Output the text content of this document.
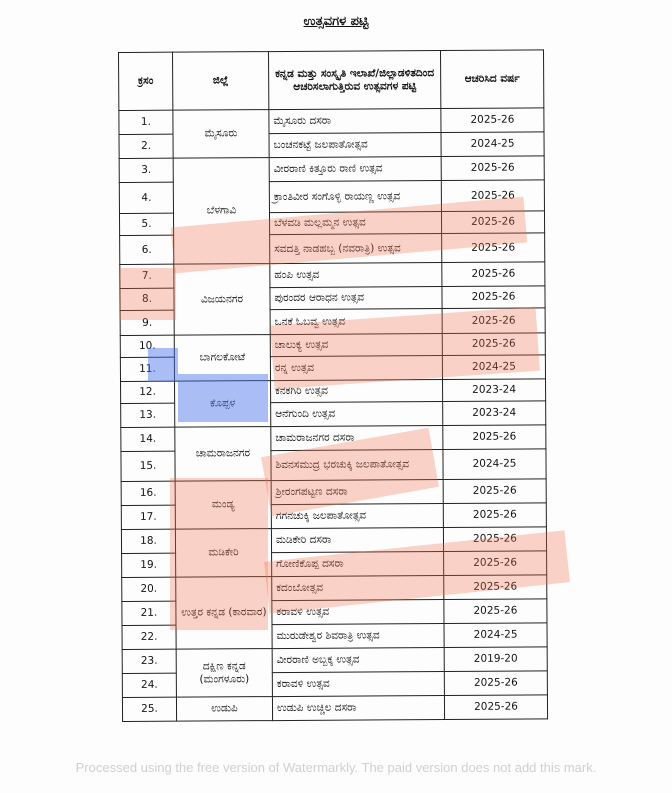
ಉತ್ಸವಗಳ ಪಟ್ಟಿ
ಕ್ರಸಂ	ಜಿಲ್ಲೆ	ಕನ್ನಡ ಮತ್ತು ಸಂಸ್ಕೃತಿ ಇಲಾಖೆ/ಜಿಲ್ಲಾಡಳಿತದಿಂದ ಆಚರಿಸಲಾಗುತ್ತಿರುವ ಉತ್ಸವಗಳ ಪಟ್ಟಿ	ಆಚರಿಸಿದ ವರ್ಷ
1.	ಮೈಸೂರು	ಮೈಸೂರು ದಸರಾ	2025-26
2.		ಬಂಚನಕಟ್ಟೆ ಜಲಪಾತೋತ್ಸವ	2024-25
3.	ಬೆಳಗಾವಿ	ವೀರರಾಣಿ ಕಿತ್ತೂರು ರಾಣಿ ಉತ್ಸವ	2025-26
4.		ಕ್ರಾಂತಿವೀರ ಸಂಗೊಳ್ಳಿ ರಾಯಣ್ಣ ಉತ್ಸವ	2025-26
5.		ಬೆಳವಡಿ ಮಲ್ಲಮ್ಮನ ಉತ್ಸವ	2025-26
6.		ಸವದತ್ತಿ ನಾಡಹಬ್ಬ (ನವರಾತ್ರಿ) ಉತ್ಸವ	2025-26
7.	ವಿಜಯನಗರ	ಹಂಪಿ ಉತ್ಸವ	2025-26
8.		ಪುರಂದರ ಆರಾಧನ ಉತ್ಸವ	2025-26
9.		ಒನಕೆ ಓಬವ್ವ ಉತ್ಸವ	2025-26
10.	ಬಾಗಲಕೋಟೆ	ಚಾಲುಕ್ಯ ಉತ್ಸವ	2025-26
11.		ರನ್ನ ಉತ್ಸವ	2024-25
12.	ಕೊಪ್ಪಳ	ಕನಕಗಿರಿ ಉತ್ಸವ	2023-24
13.		ಆನೆಗುಂದಿ ಉತ್ಸವ	2023-24
14.	ಚಾಮರಾಜನಗರ	ಚಾಮರಾಜನಗರ ದಸರಾ	2025-26
15.		ಶಿವನಸಮುದ್ರ ಭರಚುಕ್ಕಿ ಜಲಪಾತೋತ್ಸವ	2024-25
16.	ಮಂಡ್ಯ	ಶ್ರೀರಂಗಪಟ್ಟಣ ದಸರಾ	2025-26
17.		ಗಗನಚುಕ್ಕಿ ಜಲಪಾತೋತ್ಸವ	2025-26
18.	ಮಡಿಕೇರಿ	ಮಡಿಕೇರಿ ದಸರಾ	2025-26
19.		ಗೋಣಿಕೊಪ್ಪ ದಸರಾ	2025-26
20.	ಉತ್ತರ ಕನ್ನಡ (ಕಾರವಾರ)	ಕದಂಬೋತ್ಸವ	2025-26
21.		ಕರಾವಳಿ ಉತ್ಸವ	2025-26
22.		ಮುರುಡೇಶ್ವರ ಶಿವರಾತ್ರಿ ಉತ್ಸವ	2024-25
23.	ದಕ್ಷಿಣ ಕನ್ನಡ (ಮಂಗಳೂರು)	ವೀರರಾಣಿ ಅಬ್ಬಕ್ಕ ಉತ್ಸವ	2019-20
24.		ಕರಾವಳಿ ಉತ್ಸವ	2025-26
25.	ಉಡುಪಿ	ಉಡುಪಿ ಉಚ್ಚಿಲ ದಸರಾ	2025-26
Processed using the free version of Watermarkly. The paid version does not add this mark.
